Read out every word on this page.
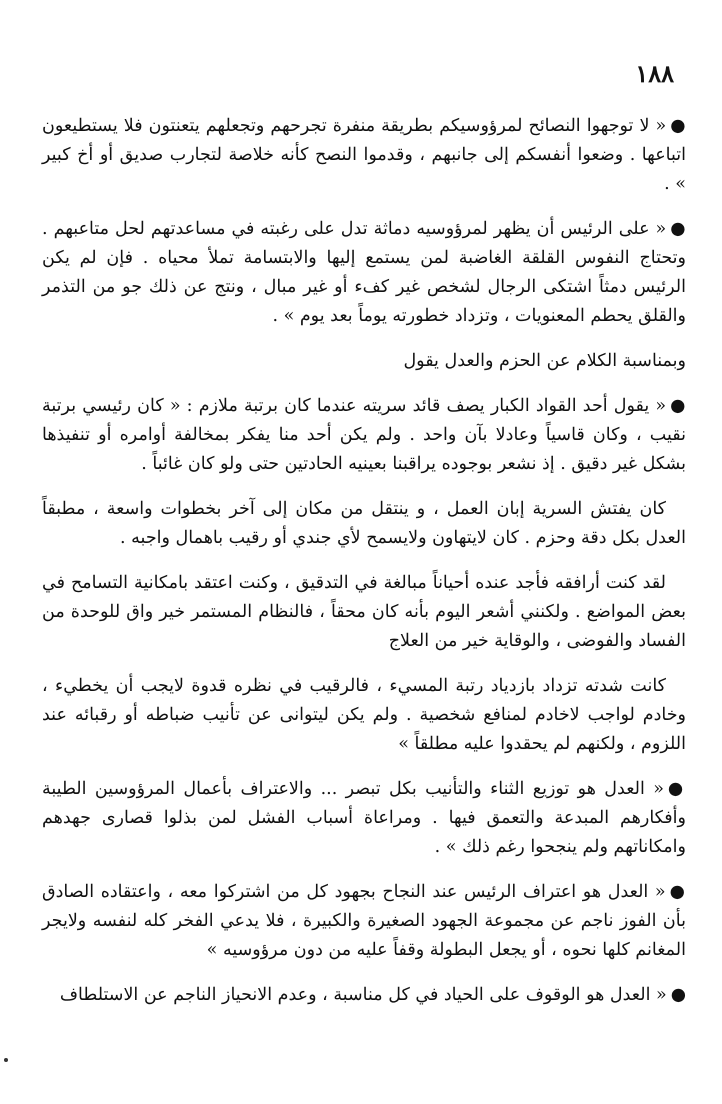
١٨٨

●« لا توجهوا النصائح لمرؤوسيكم بطريقة منفرة تجرحهم وتجعلهم يتعنتون فلا يستطيعون اتباعها . وضعوا أنفسكم إلى جانبهم ، وقدموا النصح كأنه خلاصة لتجارب صديق أو أخ كبير » .

●« على الرئيس أن يظهر لمرؤوسيه دماثة تدل على رغبته في مساعدتهم لحل متاعبهم . وتحتاج النفوس القلقة الغاضبة لمن يستمع إليها والابتسامة تملأ محياه . فإن لم يكن الرئيس دمثاً اشتكى الرجال لشخص غير كفء أو غير مبال ، ونتج عن ذلك جو من التذمر والقلق يحطم المعنويات ، وتزداد خطورته يوماً بعد يوم » .

وبمناسبة الكلام عن الحزم والعدل يقول

●« يقول أحد القواد الكبار يصف قائد سريته عندما كان برتبة ملازم : « كان رئيسي برتبة نقيب ، وكان قاسياً وعادلا بآن واحد . ولم يكن أحد منا يفكر بمخالفة أوامره أو تنفيذها بشكل غير دقيق . إذ نشعر بوجوده يراقبنا بعينيه الحادتين حتى ولو كان غائباً .

كان يفتش السرية إبان العمل ، و ينتقل من مكان إلى آخر بخطوات واسعة ، مطبقاً العدل بكل دقة وحزم . كان لايتهاون ولايسمح لأي جندي أو رقيب باهمال واجبه .

لقد كنت أرافقه فأجد عنده أحياناً مبالغة في التدقيق ، وكنت اعتقد بامكانية التسامح في بعض المواضع . ولكنني أشعر اليوم بأنه كان محقاً ، فالنظام المستمر خير واق للوحدة من الفساد والفوضى ، والوقاية خير من العلاج

كانت شدته تزداد بازدياد رتبة المسيء ، فالرقيب في نظره قدوة لايجب أن يخطيء ، وخادم لواجب لاخادم لمنافع شخصية . ولم يكن ليتوانى عن تأنيب ضباطه أو رقبائه عند اللزوم ، ولكنهم لم يحقدوا عليه مطلقاً »

●« العدل هو توزيع الثناء والتأنيب بكل تبصر ... والاعتراف بأعمال المرؤوسين الطيبة وأفكارهم المبدعة والتعمق فيها . ومراعاة أسباب الفشل لمن بذلوا قصارى جهدهم وامكاناتهم ولم ينجحوا رغم ذلك » .

●« العدل هو اعتراف الرئيس عند النجاح بجهود كل من اشتركوا معه ، واعتقاده الصادق بأن الفوز ناجم عن مجموعة الجهود الصغيرة والكبيرة ، فلا يدعي الفخر كله لنفسه ولايجر المغانم كلها نحوه ، أو يجعل البطولة وقفاً عليه من دون مرؤوسيه »

●« العدل هو الوقوف على الحياد في كل مناسبة ، وعدم الانحياز الناجم عن الاستلطاف
